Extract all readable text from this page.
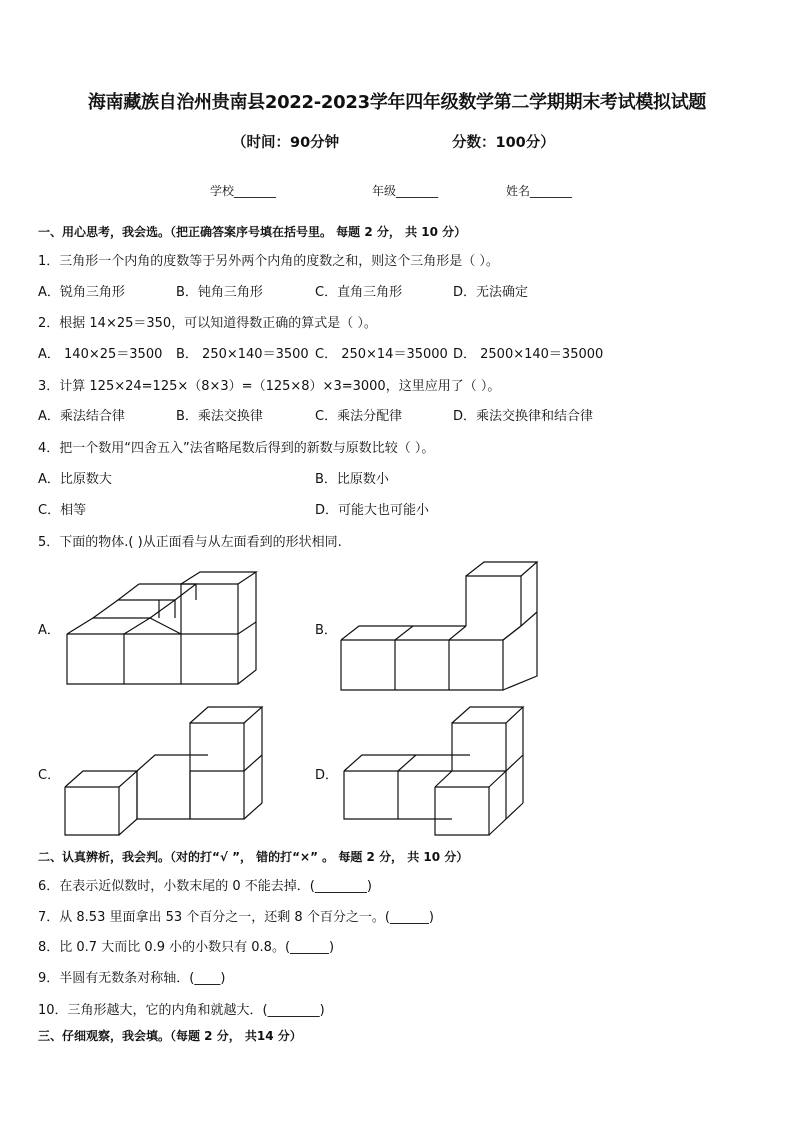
海南藏族自治州贵南县2022-2023学年四年级数学第二学期期末考试模拟试题
（时间：90分钟	分数：100分）
学校_______	年级_______	姓名_______
一、用心思考，我会选。（把正确答案序号填在括号里。 每题 2 分， 共 10 分）
1．三角形一个内角的度数等于另外两个内角的度数之和，则这个三角形是（ ）。
A．锐角三角形	B．钝角三角形	C．直角三角形	D．无法确定
2．根据 14×25＝350，可以知道得数正确的算式是（ ）。
A． 140×25＝3500 B． 250×140＝3500 C． 250×14＝35000 D． 2500×140＝35000
3．计算 125×24=125×（8×3）=（125×8）×3=3000，这里应用了（ ）。
A．乘法结合律	B．乘法交换律	C．乘法分配律	D．乘法交换律和结合律
4．把一个数用“四舍五入”法省略尾数后得到的新数与原数比较（ ）。
A．比原数大	B．比原数小
C．相等	D．可能大也可能小
5．下面的物体.( )从正面看与从左面看到的形状相同.
A．	B．
C．	D．
二、认真辨析，我会判。（对的打“√ ”， 错的打“×” 。 每题 2 分， 共 10 分）
6．在表示近似数时，小数末尾的 0 不能去掉．(________)
7．从 8.53 里面拿出 53 个百分之一，还剩 8 个百分之一。(______)
8．比 0.7 大而比 0.9 小的小数只有 0.8。(______)
9．半圆有无数条对称轴．(____)
10．三角形越大，它的内角和就越大．(________)
三、仔细观察，我会填。（每题 2 分， 共14 分）
